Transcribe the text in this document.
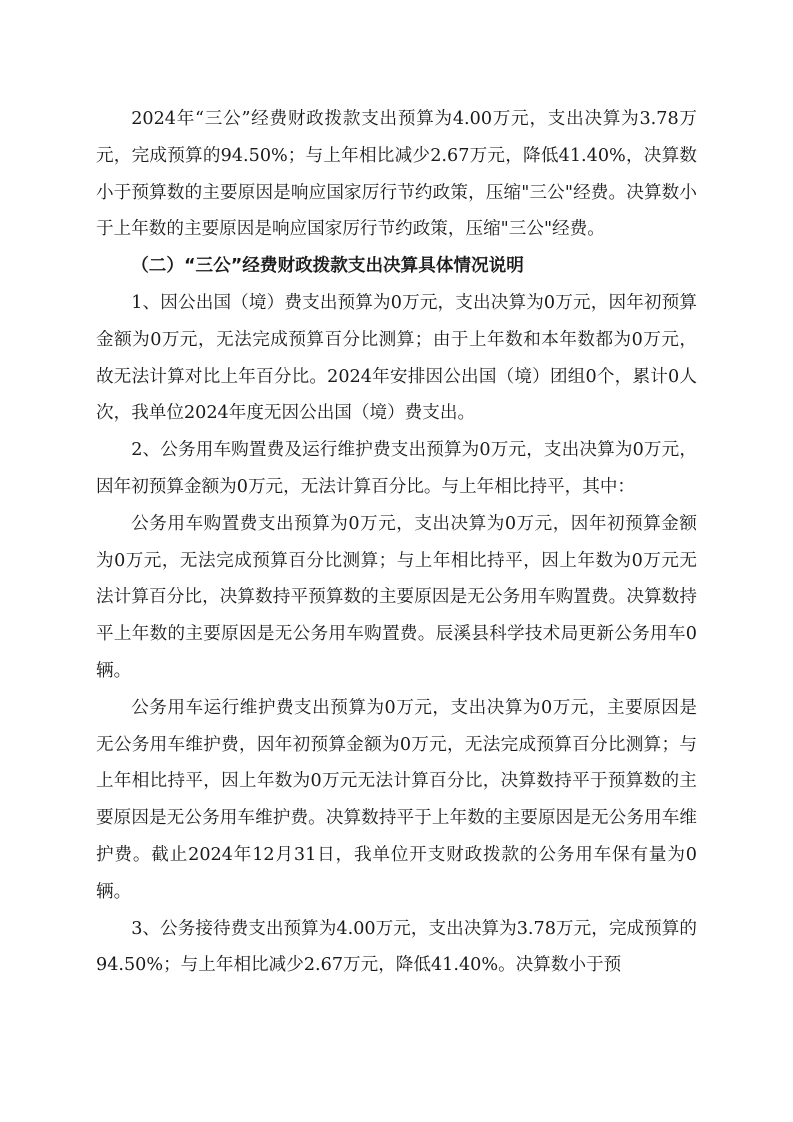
2024年“三公”经费财政拨款支出预算为4.00万元，支出决算为3.78万元，完成预算的94.50%；与上年相比减少2.67万元，降低41.40%，决算数小于预算数的主要原因是响应国家厉行节约政策，压缩"三公"经费。决算数小于上年数的主要原因是响应国家厉行节约政策，压缩"三公"经费。

（二）“三公”经费财政拨款支出决算具体情况说明

1、因公出国（境）费支出预算为0万元，支出决算为0万元，因年初预算金额为0万元，无法完成预算百分比测算；由于上年数和本年数都为0万元，故无法计算对比上年百分比。2024年安排因公出国（境）团组0个，累计0人次，我单位2024年度无因公出国（境）费支出。

2、公务用车购置费及运行维护费支出预算为0万元，支出决算为0万元，因年初预算金额为0万元，无法计算百分比。与上年相比持平，其中：

公务用车购置费支出预算为0万元，支出决算为0万元，因年初预算金额为0万元，无法完成预算百分比测算；与上年相比持平，因上年数为0万元无法计算百分比，决算数持平预算数的主要原因是无公务用车购置费。决算数持平上年数的主要原因是无公务用车购置费。辰溪县科学技术局更新公务用车0辆。

公务用车运行维护费支出预算为0万元，支出决算为0万元，主要原因是无公务用车维护费，因年初预算金额为0万元，无法完成预算百分比测算；与上年相比持平，因上年数为0万元无法计算百分比，决算数持平于预算数的主要原因是无公务用车维护费。决算数持平于上年数的主要原因是无公务用车维护费。截止2024年12月31日，我单位开支财政拨款的公务用车保有量为0辆。

3、公务接待费支出预算为4.00万元，支出决算为3.78万元，完成预算的94.50%；与上年相比减少2.67万元，降低41.40%。决算数小于预
